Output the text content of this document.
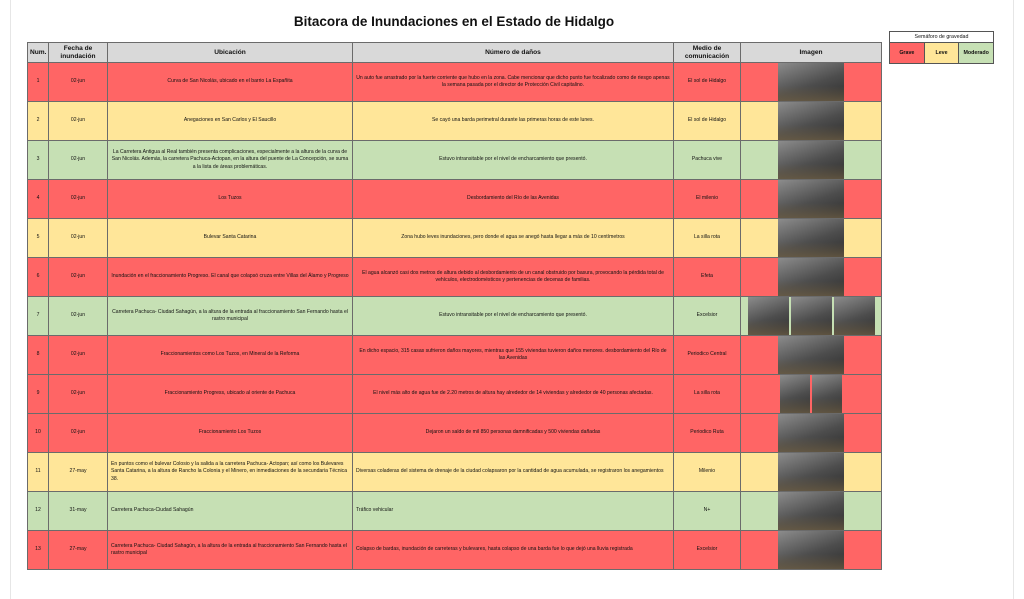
Bitacora de Inundaciones en el Estado de Hidalgo
Num.	Fecha de inundación	Ubicación	Número de daños	Medio de comunicación	Imagen
1	02-jun	Curva de San Nicolás, ubicado en el barrio La Españita	Un auto fue arrastrado por la fuerte corriente que hubo en la zona. Cabe mencionar que dicho punto fue focalizado como de riesgo apenas la semana pasada por el director de Protección Civil capitalino.	El sol de Hidalgo	

2	02-jun	Anegaciones en San Carlos y El Saucillo	Se cayó una barda perimetral durante las primeras horas de este lunes.	El sol de Hidalgo	

3	02-jun	La Carretera Antigua al Real también presenta complicaciones, especialmente a la altura de la curva de San Nicolás. Además, la carretera Pachuca-Actopan, en la altura del puente de La Concepción, se suma a la lista de áreas problemáticas.	Estuvo intransitable por el nivel de encharcamiento que presentó.	Pachuca vive	

4	02-jun	Los Tuzos	Desbordamiento del Río de las Avenidas	El milenio	

5	02-jun	Bulevar Santa Catarina	Zona hubo leves inundaciones, pero donde el agua se anegó hasta llegar a más de 10 centímetros	La silla rota	

6	02-jun	Inundación en el fraccionamiento Progreso. El canal que colapsó cruza entre Villas del Álamo y Progreso	El agua alcanzó casi dos metros de altura debido al desbordamiento de un canal obstruido por basura, provocando la pérdida total de vehículos, electrodomésticos y pertenencias de decenas de familias.	Efeta	

7	02-jun	Carretera Pachuca- Ciudad Sahagún, a la altura de la entrada al fraccionamiento San Fernando hasta el rastro municipal	Estuvo intransitable por el nivel de encharcamiento que presentó.	Excelsior	

8	02-jun	Fraccionamientos como Los Tuzos, en Mineral de la Reforma	En dicho espacio, 315 casas sufrieron daños mayores, mientras que 155 viviendas tuvieron daños menores. desbordamiento del Río de las Avenidas	Periodico Central	

9	02-jun	Fraccionamiento Progress, ubicado al oriente de Pachuca	El nivel más alto de agua fue de 2.20 metros de altura hay alrededor de 14 viviendas y alrededor de 40 personas afectadas.	La silla rota	

10	02-jun	Fraccionamiento Los Tuzos	Dejaron un saldo de mil 850 personas damnificadas y 500 viviendas dañadas	Periodico Ruta	

11	27-may	En puntos como el bulevar Colosio y la salida a la carretera Pachuca- Actopan; así como los Bulevares Santa Catarina, a la altura de Rancho la Colonia y el Minero, en inmediaciones de la secundaria Técnica 38.	Diversas coladeras del sistema de drenaje de la ciudad colapsaron por la cantidad de agua acumulada, se registraron los anegamientos	Milenio	

12	31-may	Carretera Pachuca-Ciudad Sahagún	Tráfico vehicular	N+	

13	27-may	Carretera Pachuca- Ciudad Sahagún, a la altura de la entrada al fraccionamiento San Fernando hasta el rastro municipal	Colapso de bardas, inundación de carreteras y bulevares, hasta colapso de una barda fue lo que dejó una lluvia registrada	Excelsior	
Semáforo de gravedad
Grave	Leve	Moderado
